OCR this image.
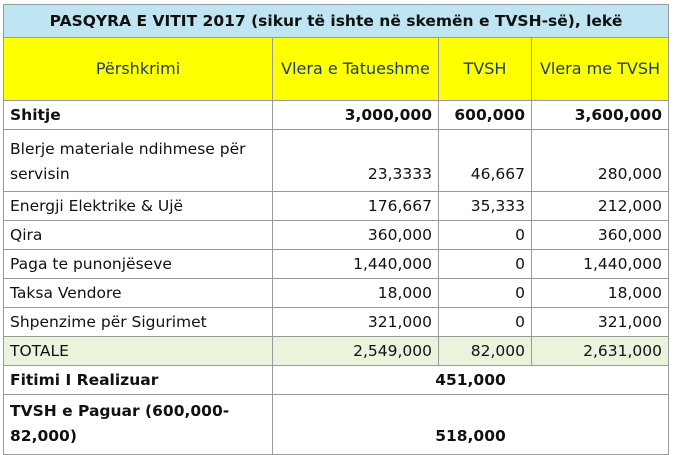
PASQYRA E VITIT 2017 (sikur të ishte në skemën e TVSH-së), lekë			
Përshkrimi	Vlera e Tatueshme	TVSH	Vlera me TVSH
Shitje	3,000,000	600,000	3,600,000
Blerje materiale ndihmese për servisin	23,3333	46,667	280,000
Energji Elektrike & Ujë	176,667	35,333	212,000
Qira	360,000	0	360,000
Paga te punonjëseve	1,440,000	0	1,440,000
Taksa Vendore	18,000	0	18,000
Shpenzime për Sigurimet	321,000	0	321,000
TOTALE	2,549,000	82,000	2,631,000
Fitimi I Realizuar	451,000		
TVSH e Paguar (600,000-82,000)	518,000		
